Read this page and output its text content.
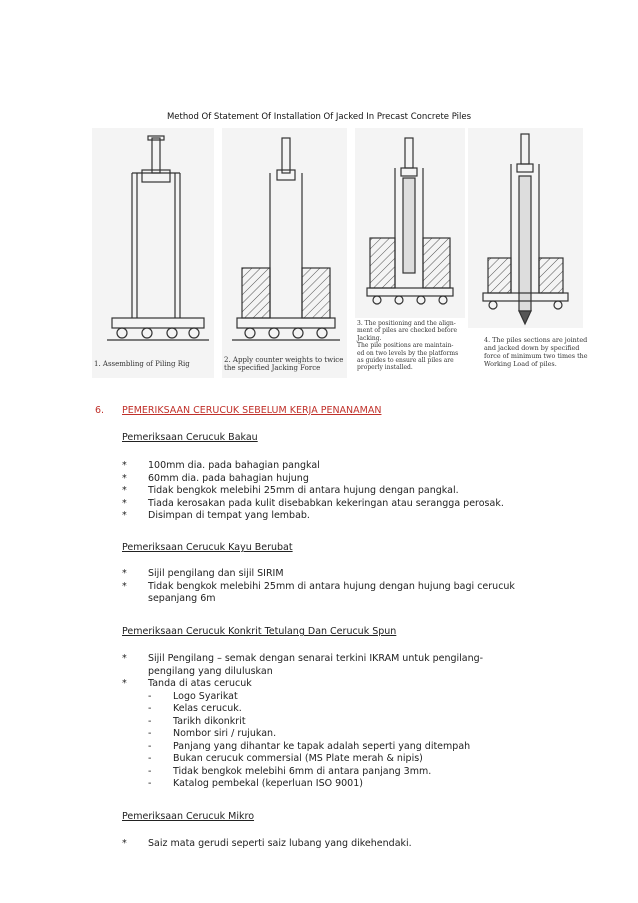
Method Of Statement Of Installation Of Jacked In Precast Concrete Piles
1. Assembling of Piling Rig	2. Apply counter weights to twice
the specified Jacking Force
3. The positioning and the align-
ment of piles are checked before
Jacking.
The pile positions are maintain-
ed on two levels by the platforms
as guides to ensure all piles are
properly installed.
4. The piles sections are jointed
and jacked down by specified
force of minimum two times the
Working Load of piles.
6. PEMERIKSAAN CERUCUK SEBELUM KERJA PENANAMAN
Pemeriksaan Cerucuk Bakau
* 100mm dia. pada bahagian pangkal
* 60mm dia. pada bahagian hujung
* Tidak bengkok melebihi 25mm di antara hujung dengan pangkal.
* Tiada kerosakan pada kulit disebabkan kekeringan atau serangga perosak.
* Disimpan di tempat yang lembab.
Pemeriksaan Cerucuk Kayu Berubat
* Sijil pengilang dan sijil SIRIM
* Tidak bengkok melebihi 25mm di antara hujung dengan hujung bagi cerucuk
sepanjang 6m
Pemeriksaan Cerucuk Konkrit Tetulang Dan Cerucuk Spun
* Sijil Pengilang – semak dengan senarai terkini IKRAM untuk pengilang-
pengilang yang diluluskan
* Tanda di atas cerucuk
- Logo Syarikat
- Kelas cerucuk.
- Tarikh dikonkrit
- Nombor siri / rujukan.
- Panjang yang dihantar ke tapak adalah seperti yang ditempah
- Bukan cerucuk commersial (MS Plate merah & nipis)
- Tidak bengkok melebihi 6mm di antara panjang 3mm.
- Katalog pembekal (keperluan ISO 9001)
Pemeriksaan Cerucuk Mikro
* Saiz mata gerudi seperti saiz lubang yang dikehendaki.
